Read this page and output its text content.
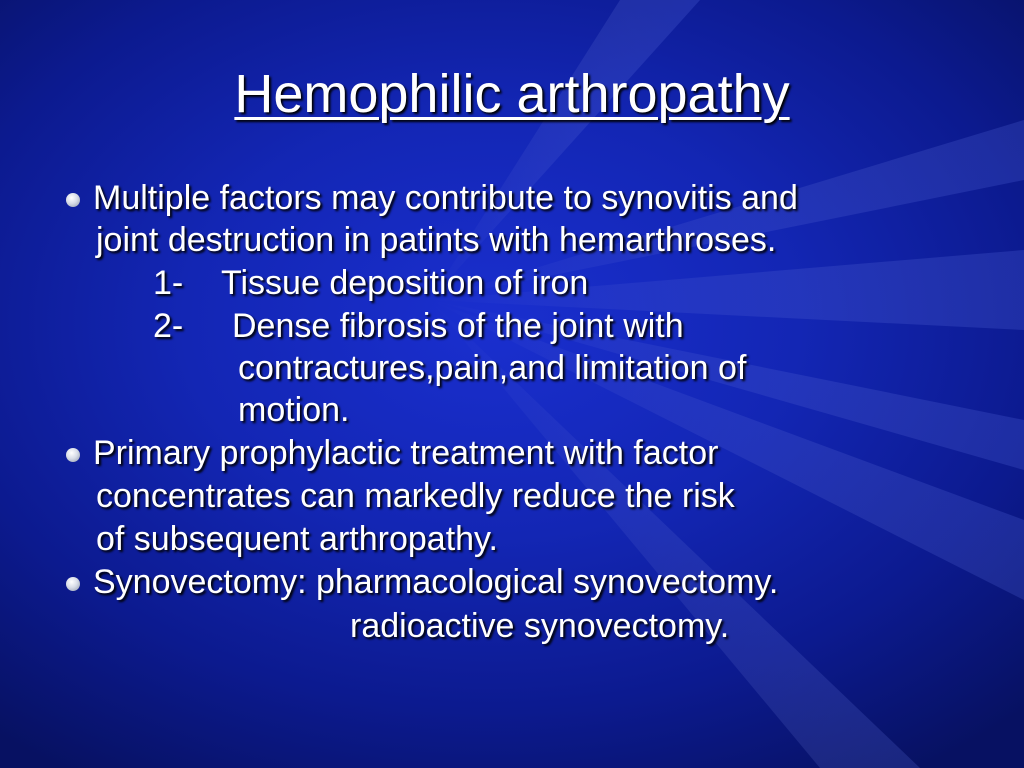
Hemophilic arthropathy
Multiple factors may contribute to synovitis and
joint destruction in patints with hemarthroses.
1- Tissue deposition of iron
2- Dense fibrosis of the joint with
contractures,pain,and limitation of
motion.
Primary prophylactic treatment with factor
concentrates can markedly reduce the risk
of subsequent arthropathy.
Synovectomy: pharmacological synovectomy.
radioactive synovectomy.
